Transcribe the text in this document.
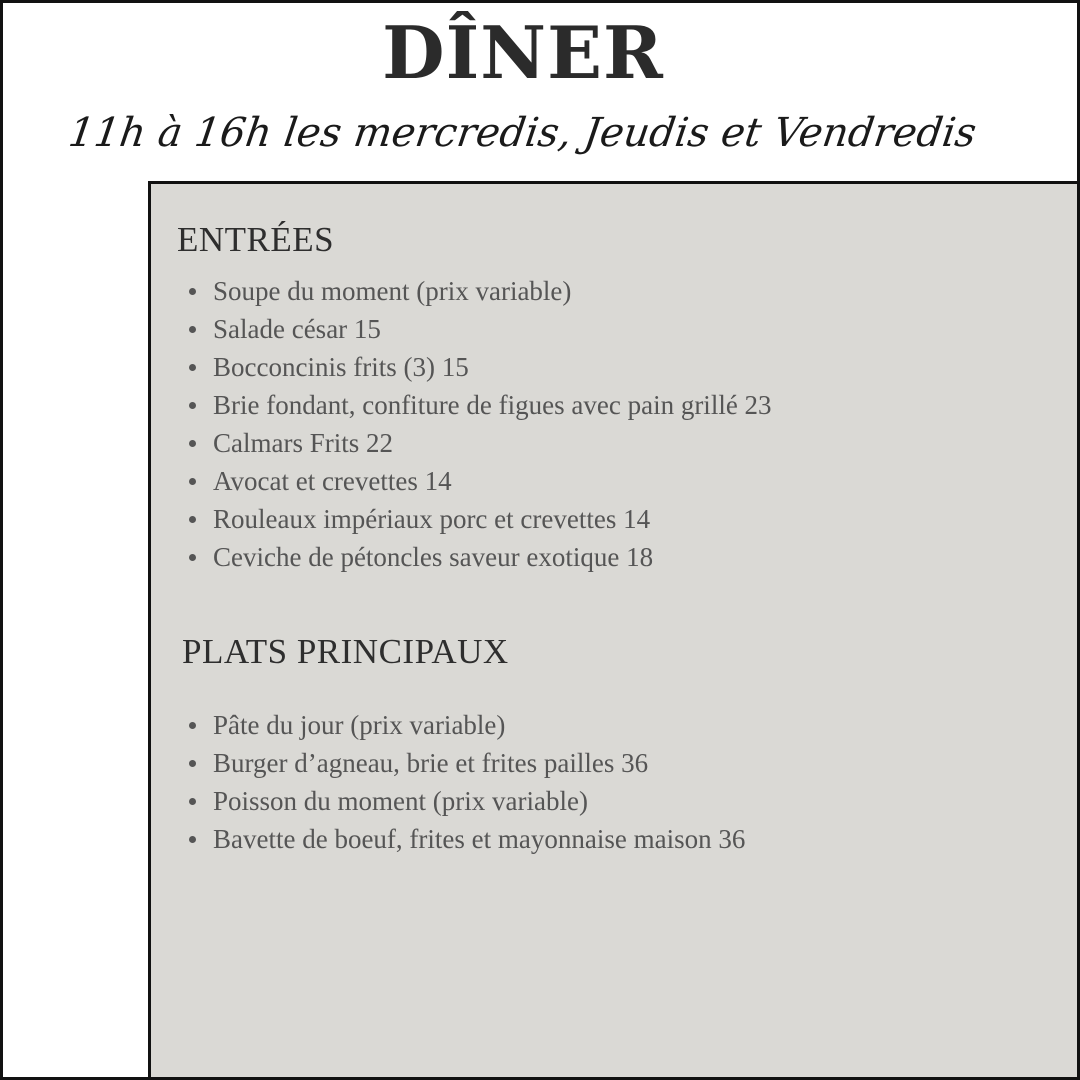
DÎNER
11h à 16h les mercredis, Jeudis et Vendredis
ENTRÉES
Soupe du moment (prix variable)
Salade césar 15
Bocconcinis frits (3) 15
Brie fondant, confiture de figues avec pain grillé 23
Calmars Frits 22
Avocat et crevettes 14
Rouleaux impériaux porc et crevettes 14
Ceviche de pétoncles saveur exotique 18
PLATS PRINCIPAUX
Pâte du jour (prix variable)
Burger d’agneau, brie et frites pailles 36
Poisson du moment (prix variable)
Bavette de boeuf, frites et mayonnaise maison 36
